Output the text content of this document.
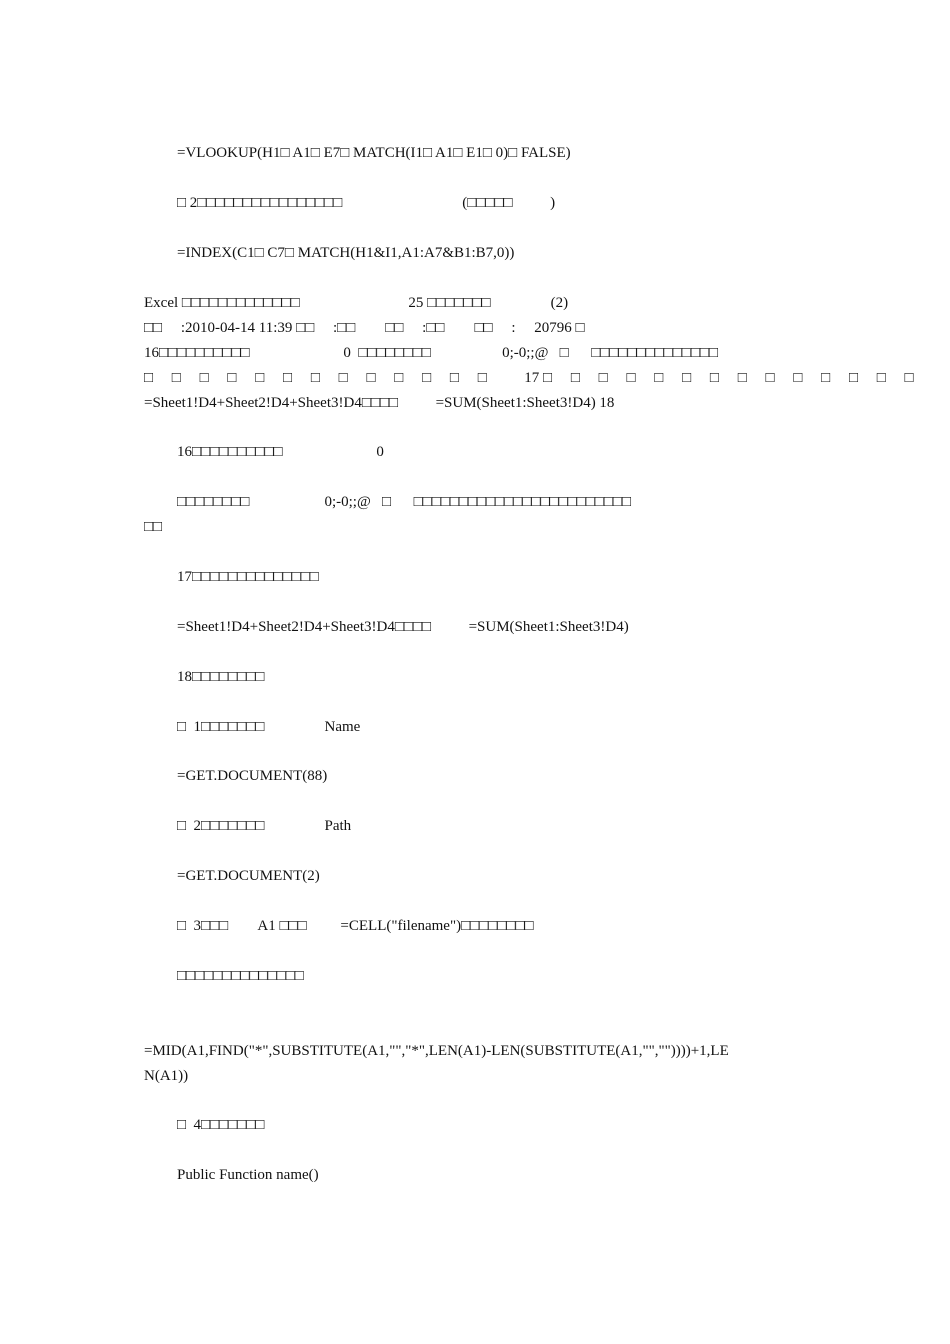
=VLOOKUP(H1□ A1□ E7□ MATCH(I1□ A1□ E1□ 0)□ FALSE)
□ 2□□□□□□□□□□□□□□□□                                (□□□□□          )
=INDEX(C1□ C7□ MATCH(H1&I1,A1:A7&B1:B7,0))
Excel □□□□□□□□□□□□□                             25 □□□□□□□                (2)
□□     :2010-04-14 11:39 □□     :□□        □□     :□□        □□     :     20796 □
16□□□□□□□□□□                         0  □□□□□□□□                   0;-0;;@   □      □□□□□□□□□□□□□□
□     □     □     □     □     □     □     □     □     □     □     □     □          17 □     □     □     □     □     □     □     □     □     □     □     □     □     □
=Sheet1!D4+Sheet2!D4+Sheet3!D4□□□□          =SUM(Sheet1:Sheet3!D4) 18
16□□□□□□□□□□                         0
□□□□□□□□                    0;-0;;@   □      □□□□□□□□□□□□□□□□□□□□□□□□
□□
17□□□□□□□□□□□□□□
=Sheet1!D4+Sheet2!D4+Sheet3!D4□□□□          =SUM(Sheet1:Sheet3!D4)
18□□□□□□□□
□  1□□□□□□□                Name
=GET.DOCUMENT(88)
□  2□□□□□□□                Path
=GET.DOCUMENT(2)
□  3□□□        A1 □□□         =CELL("filename")□□□□□□□□
□□□□□□□□□□□□□□
=MID(A1,FIND("*",SUBSTITUTE(A1,"","*",LEN(A1)-LEN(SUBSTITUTE(A1,"",""))))+1,LE
N(A1))
□  4□□□□□□□
Public Function name()
